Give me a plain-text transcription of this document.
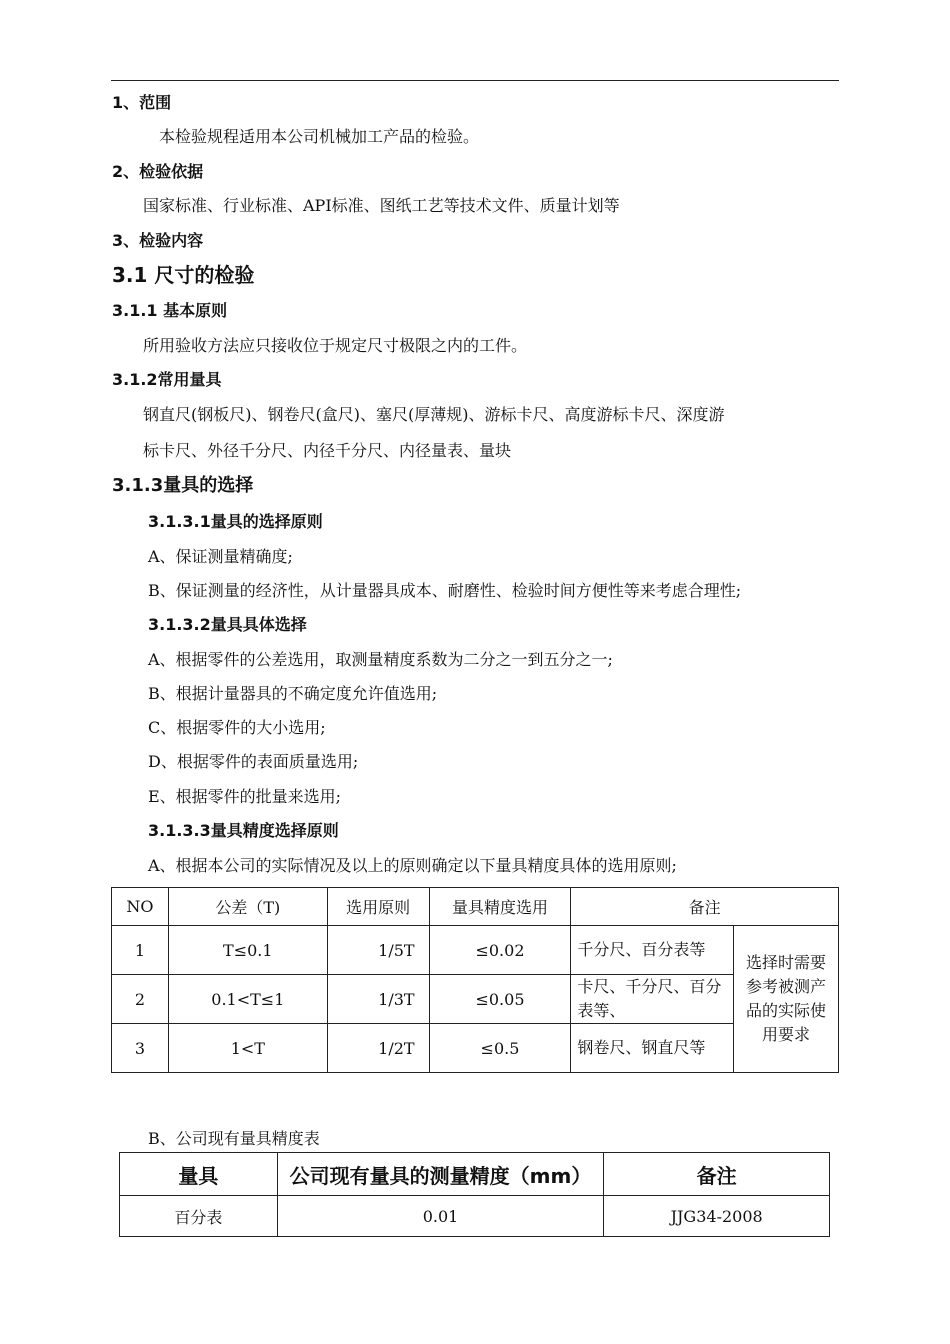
1、范围
本检验规程适用本公司机械加工产品的检验。
2、检验依据
国家标准、行业标准、API标准、图纸工艺等技术文件、质量计划等
3、检验内容
3.1 尺寸的检验
3.1.1 基本原则
所用验收方法应只接收位于规定尺寸极限之内的工件。
3.1.2常用量具
钢直尺(钢板尺)、钢卷尺(盒尺)、塞尺(厚薄规)、游标卡尺、高度游标卡尺、深度游
标卡尺、外径千分尺、内径千分尺、内径量表、量块
3.1.3量具的选择
3.1.3.1量具的选择原则
A、保证测量精确度;
B、保证测量的经济性，从计量器具成本、耐磨性、检验时间方便性等来考虑合理性;
3.1.3.2量具具体选择
A、根据零件的公差选用，取测量精度系数为二分之一到五分之一;
B、根据计量器具的不确定度允许值选用;
C、根据零件的大小选用;
D、根据零件的表面质量选用;
E、根据零件的批量来选用;
3.1.3.3量具精度选择原则
A、根据本公司的实际情况及以上的原则确定以下量具精度具体的选用原则;
NO	公差（T)	选用原则	量具精度选用	备注	
1	T≤0.1	1/5T	≤0.02	千分尺、百分表等	选择时需要参考被测产品的实际使用要求
2	0.1<T≤1	1/3T	≤0.05	卡尺、千分尺、百分表等、	
3	1<T	1/2T	≤0.5	钢卷尺、钢直尺等	
B、公司现有量具精度表
量具	公司现有量具的测量精度（mm）	备注
百分表	0.01	JJG34-2008
